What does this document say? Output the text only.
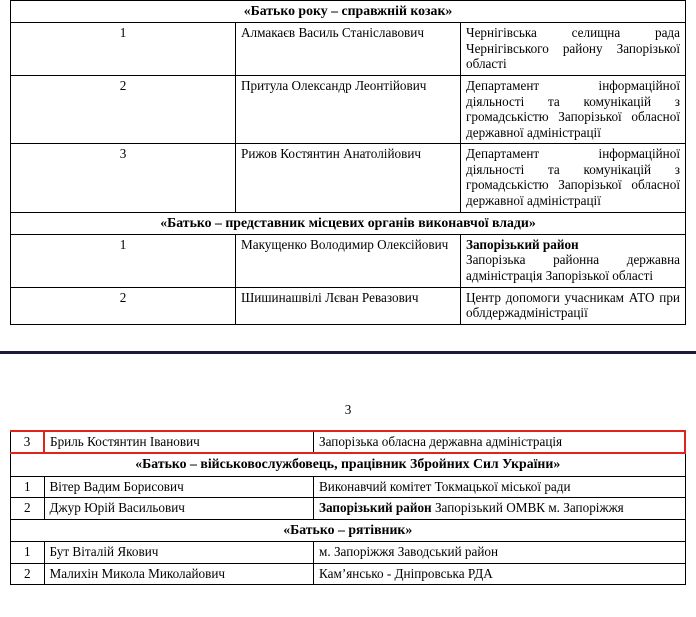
«Батько року – справжній козак»		
1	Алмакаєв Василь Станіславович	Чернігівська селищна рада Чернігівського району Запорізької області
2	Притула Олександр Леонтійович	Департамент інформаційної діяльності та комунікацій з громадськістю Запорізької обласної державної адміністрації
3	Рижов Костянтин Анатолійович	Департамент інформаційної діяльності та комунікацій з громадськістю Запорізької обласної державної адміністрації
«Батько – представник місцевих органів виконавчої влади»		
1	Макущенко Володимир Олексійович	Запорізький район
Запорізька районна державна адміністрація Запорізької області

2	Шишинашвілі Лєван Ревазович	Центр допомоги учасникам АТО при облдержадміністрації
3
3	Бриль Костянтин Іванович	Запорізька обласна державна адміністрація
«Батько – військовослужбовець, працівник Збройних Сил України»		
1	Вітер Вадим Борисович	Виконавчий комітет Токмацької міської ради
2	Джур Юрій Васильович	Запорізький район Запорізький ОМВК м. Запоріжжя
«Батько – рятівник»		
1	Бут Віталій Якович	м. Запоріжжя Заводський район
2	Малихін Микола Миколайович	Камʼянсько - Дніпровська РДА
